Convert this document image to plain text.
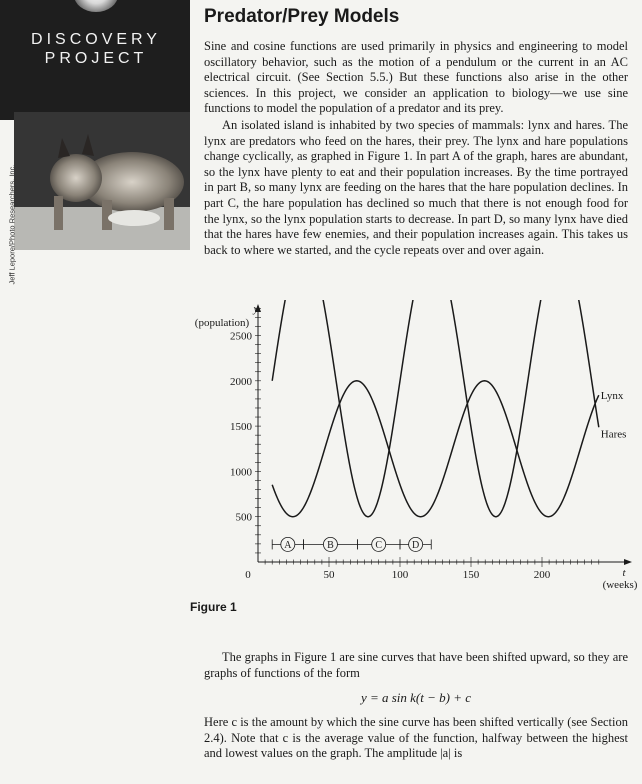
DISCOVERY
PROJECT
Jeff Lepore/Photo Researchers, Inc.
Predator/Prey Models
Sine and cosine functions are used primarily in physics and engineering to model oscillatory behavior, such as the motion of a pendulum or the current in an AC electrical circuit. (See Section 5.5.) But these functions also arise in the other sciences. In this project, we consider an application to biology—we use sine functions to model the population of a predator and its prey.
An isolated island is inhabited by two species of mammals: lynx and hares. The lynx are predators who feed on the hares, their prey. The lynx and hare populations change cyclically, as graphed in Figure 1. In part A of the graph, hares are abundant, so the lynx have plenty to eat and their population increases. By the time portrayed in part B, so many lynx are feeding on the hares that the hare population declines. In part C, the hare population has declined so much that there is not enough food for the lynx, so the lynx population starts to decrease. In part D, so many lynx have died that the hares have few enemies, and their population increases again. This takes us back to where we started, and the cycle repeats over and over again.
500
1000
1500
2000
2500
50	100	150	200
0
y
(population)
t
(weeks)
Hares
Lynx
A	B	C	D
Figure 1
The graphs in Figure 1 are sine curves that have been shifted upward, so they are graphs of functions of the form
y = a sin k(t − b) + c
Here c is the amount by which the sine curve has been shifted vertically (see Section 2.4). Note that c is the average value of the function, halfway between the highest and lowest values on the graph. The amplitude |a| is
